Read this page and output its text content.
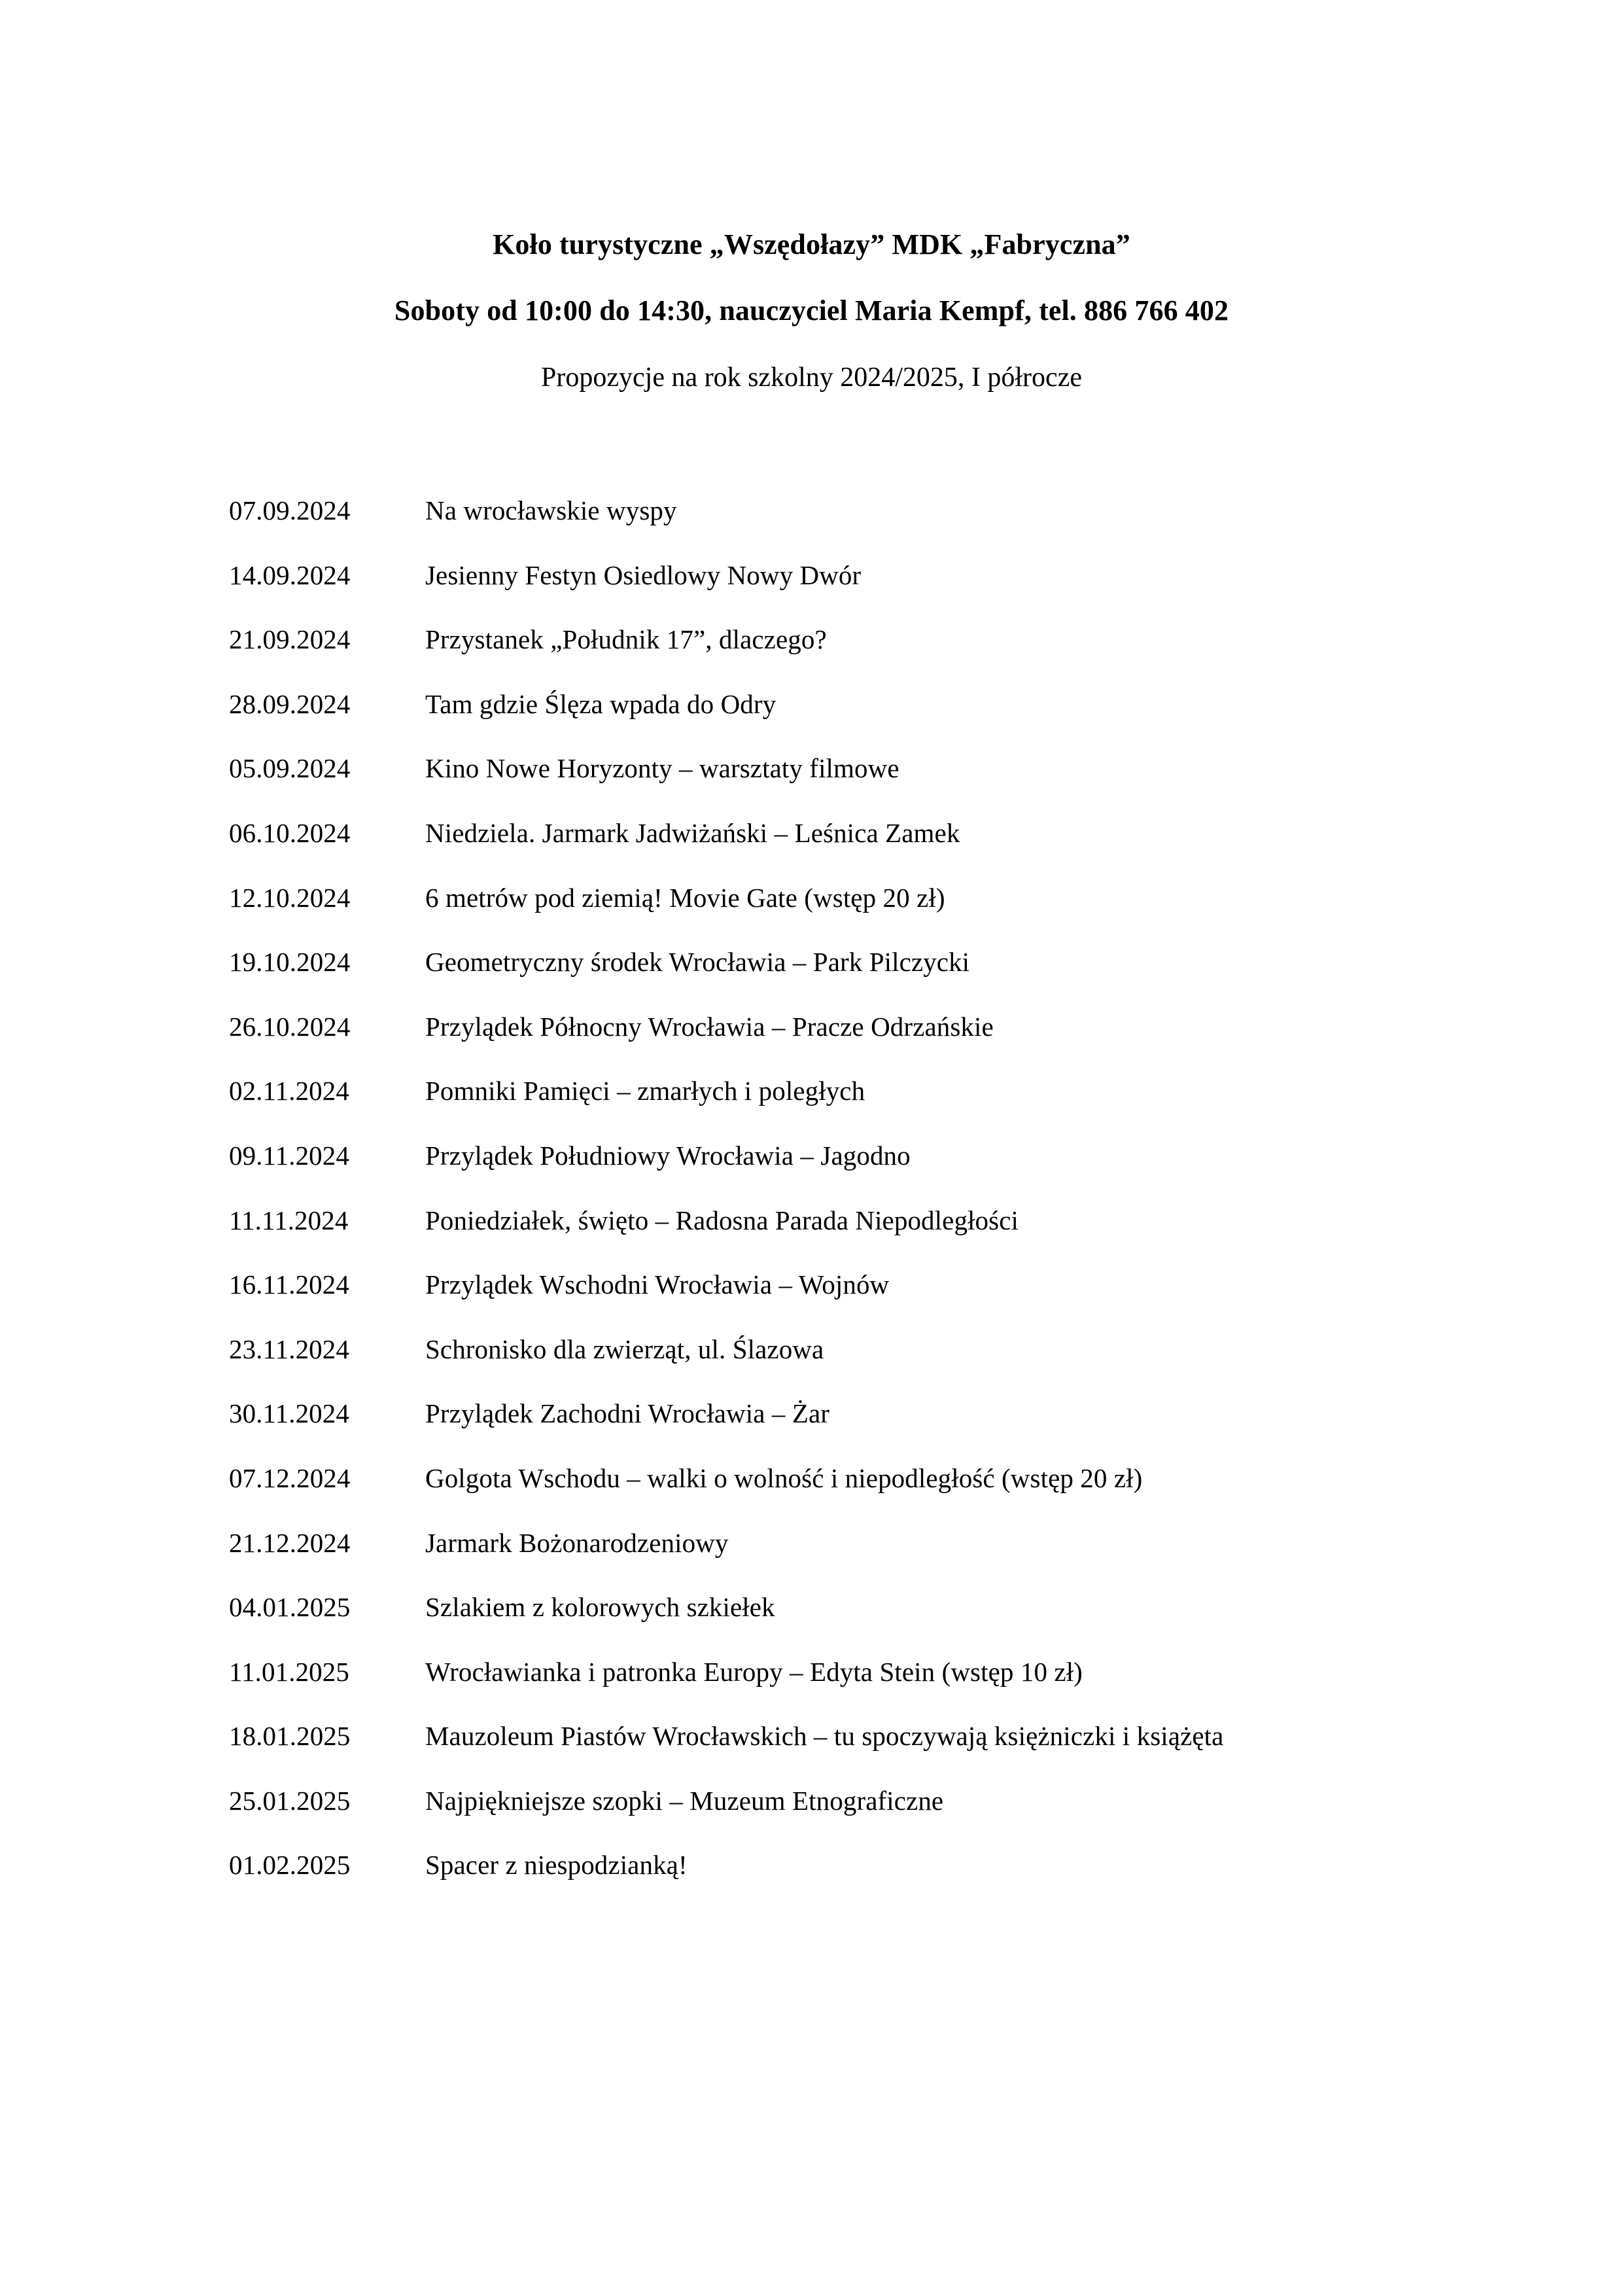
Koło turystyczne „Wszędołazy” MDK „Fabryczna”

Soboty od 10:00 do 14:30, nauczyciel Maria Kempf, tel. 886 766 402

Propozycje na rok szkolny 2024/2025, I półrocze

07.09.2024	Na wrocławskie wyspy
14.09.2024	Jesienny Festyn Osiedlowy Nowy Dwór
21.09.2024	Przystanek „Południk 17”, dlaczego?
28.09.2024	Tam gdzie Ślęza wpada do Odry
05.09.2024	Kino Nowe Horyzonty – warsztaty filmowe
06.10.2024	Niedziela. Jarmark Jadwiżański – Leśnica Zamek
12.10.2024	6 metrów pod ziemią! Movie Gate (wstęp 20 zł)
19.10.2024	Geometryczny środek Wrocławia – Park Pilczycki
26.10.2024	Przylądek Północny Wrocławia – Pracze Odrzańskie
02.11.2024	Pomniki Pamięci – zmarłych i poległych
09.11.2024	Przylądek Południowy Wrocławia – Jagodno
11.11.2024	Poniedziałek, święto – Radosna Parada Niepodległości
16.11.2024	Przylądek Wschodni Wrocławia – Wojnów
23.11.2024	Schronisko dla zwierząt, ul. Ślazowa
30.11.2024	Przylądek Zachodni Wrocławia – Żar
07.12.2024	Golgota Wschodu – walki o wolność i niepodległość (wstęp 20 zł)
21.12.2024	Jarmark Bożonarodzeniowy
04.01.2025	Szlakiem z kolorowych szkiełek
11.01.2025	Wrocławianka i patronka Europy – Edyta Stein (wstęp 10 zł)
18.01.2025	Mauzoleum Piastów Wrocławskich – tu spoczywają księżniczki i książęta
25.01.2025	Najpiękniejsze szopki – Muzeum Etnograficzne
01.02.2025	Spacer z niespodzianką!
